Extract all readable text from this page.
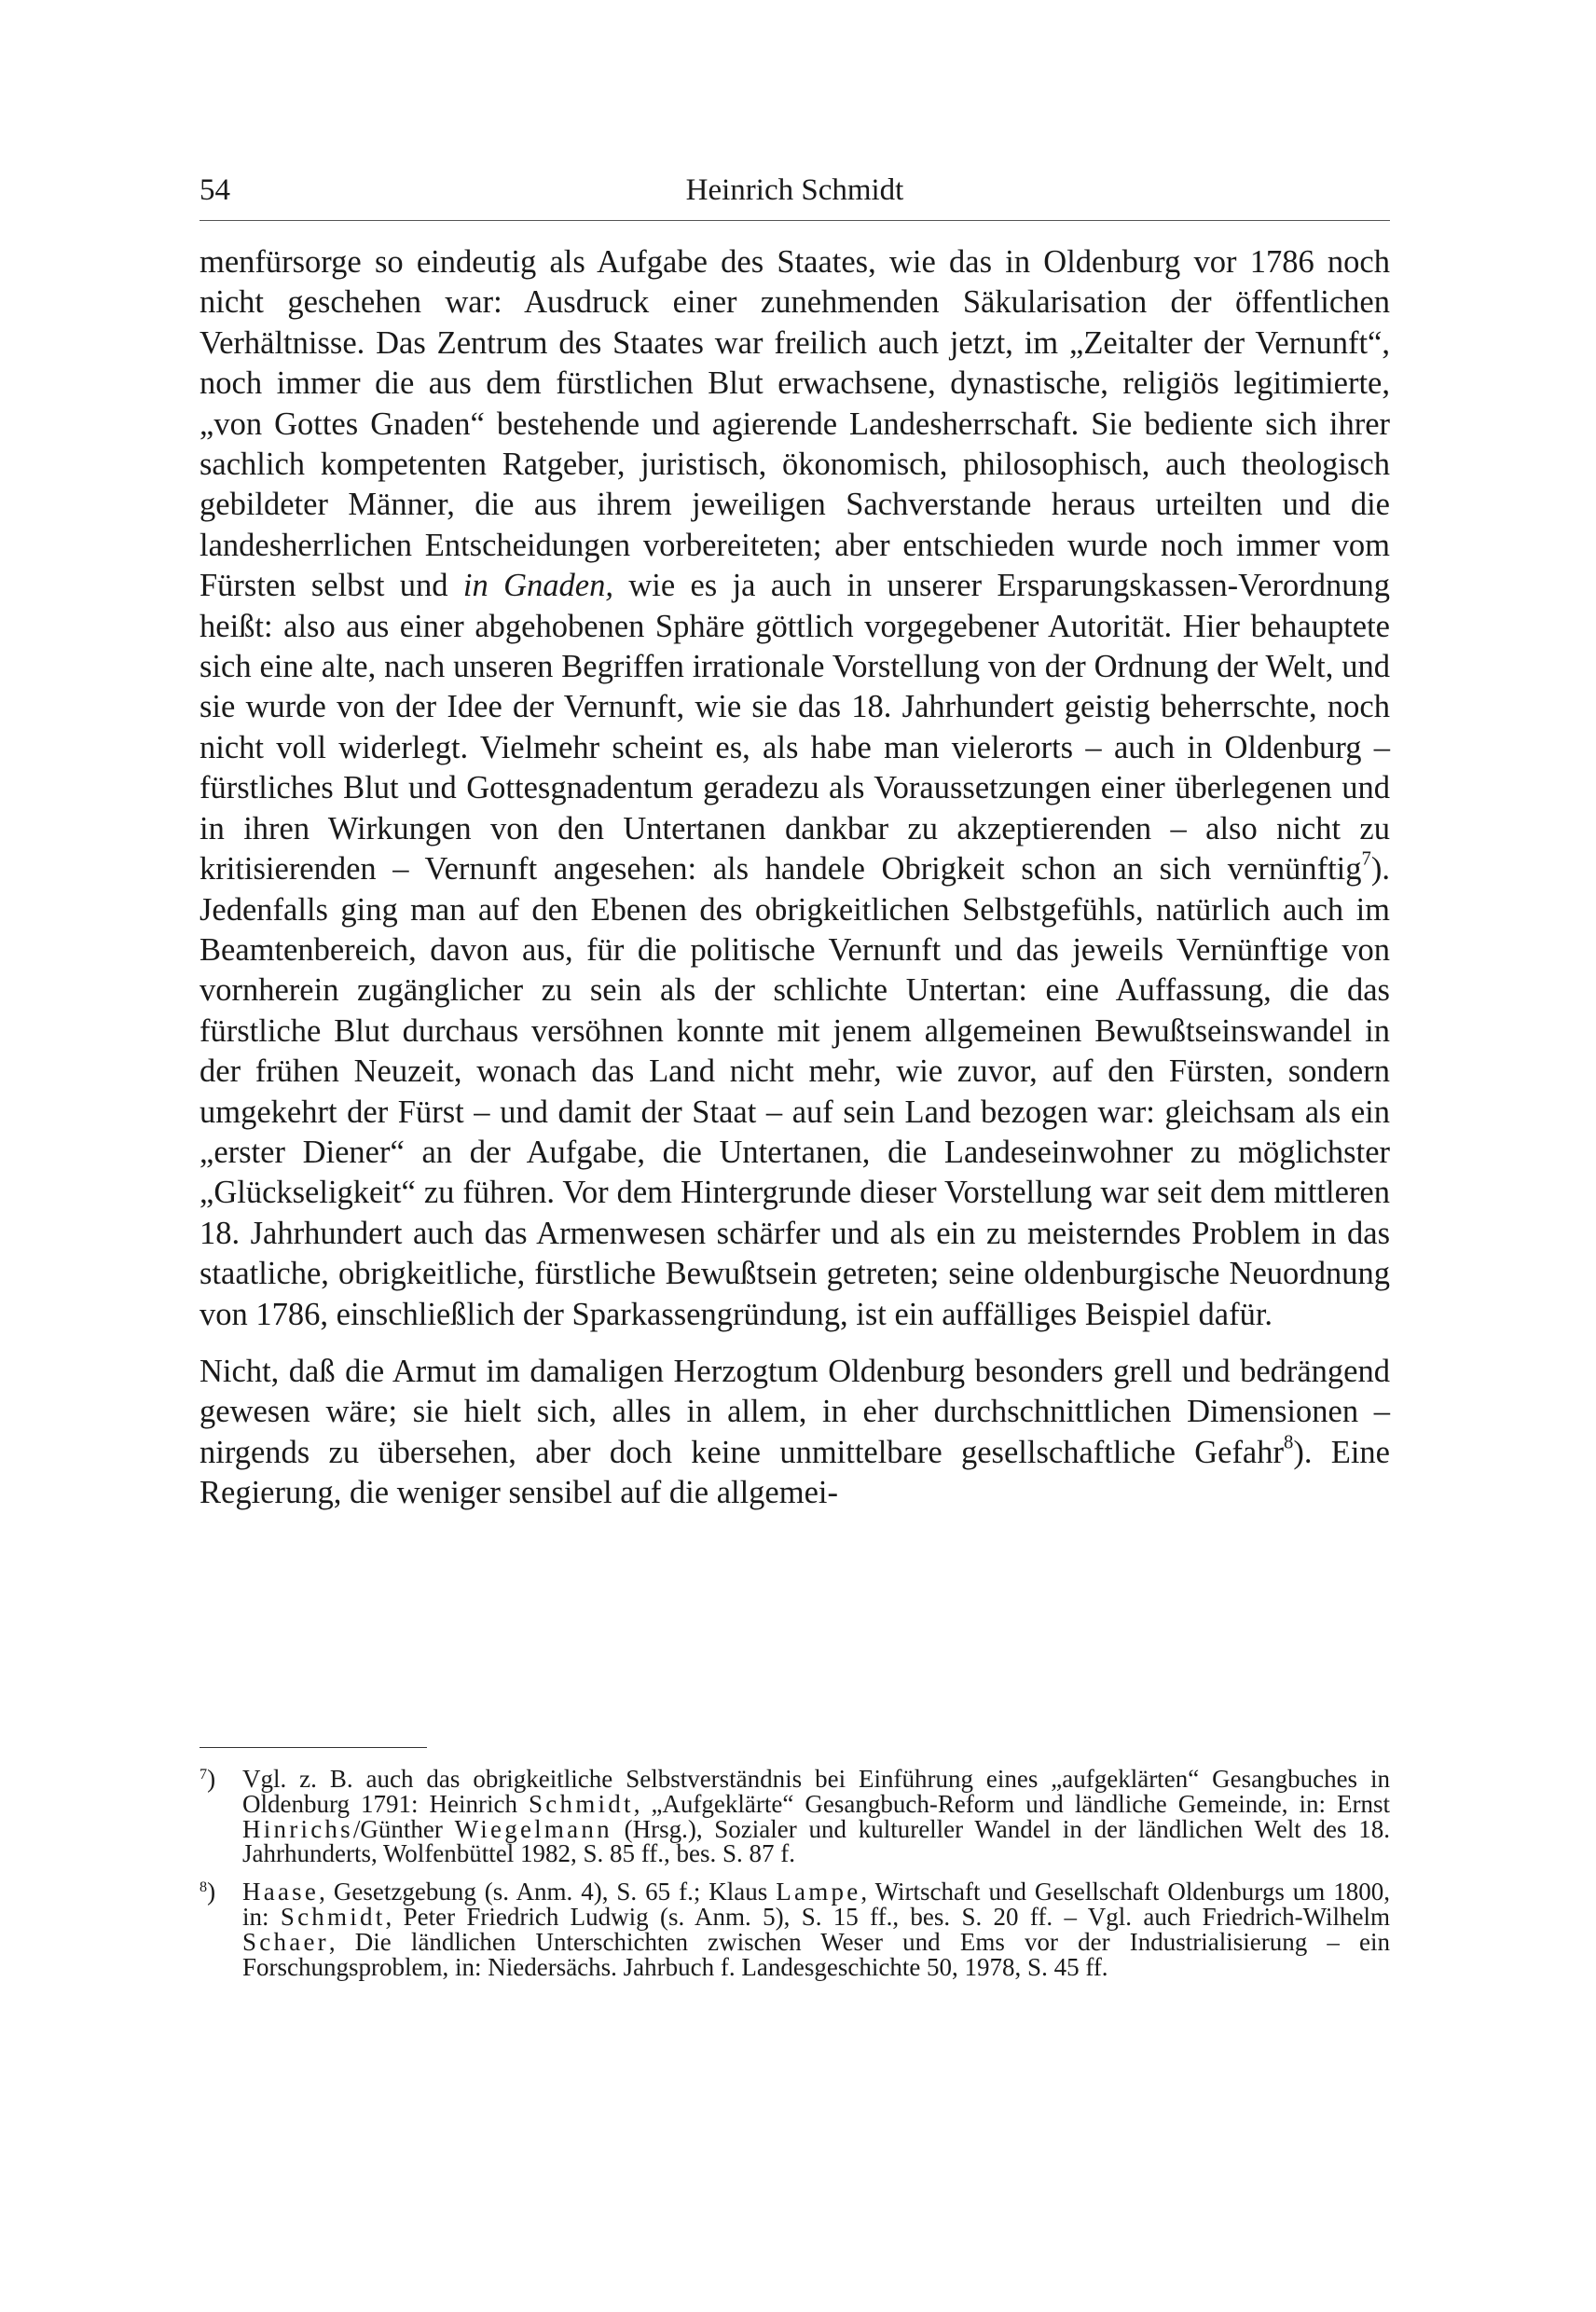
54	Heinrich Schmidt

menfürsorge so eindeutig als Aufgabe des Staates, wie das in Oldenburg vor 1786 noch nicht geschehen war: Ausdruck einer zunehmenden Säkularisation der öffentlichen Verhältnisse. Das Zentrum des Staates war freilich auch jetzt, im „Zeitalter der Vernunft“, noch immer die aus dem fürstlichen Blut erwachsene, dynastische, religiös legitimierte, „von Gottes Gnaden“ bestehende und agierende Landesherrschaft. Sie bediente sich ihrer sachlich kompetenten Ratgeber, juristisch, ökonomisch, philosophisch, auch theologisch gebildeter Männer, die aus ihrem jeweiligen Sachverstande heraus urteilten und die landesherrlichen Entscheidungen vorbereiteten; aber entschieden wurde noch immer vom Fürsten selbst und in Gnaden, wie es ja auch in unserer Ersparungskassen-Verordnung heißt: also aus einer abgehobenen Sphäre göttlich vorgegebener Autorität. Hier behauptete sich eine alte, nach unseren Begriffen irrationale Vorstellung von der Ordnung der Welt, und sie wurde von der Idee der Vernunft, wie sie das 18. Jahrhundert geistig beherrschte, noch nicht voll widerlegt. Vielmehr scheint es, als habe man vielerorts – auch in Oldenburg – fürstliches Blut und Gottesgnadentum geradezu als Voraussetzungen einer überlegenen und in ihren Wirkungen von den Untertanen dankbar zu akzeptierenden – also nicht zu kritisierenden – Vernunft angesehen: als handele Obrigkeit schon an sich vernünftig$^7$). Jedenfalls ging man auf den Ebenen des obrigkeitlichen Selbstgefühls, natürlich auch im Beamtenbereich, davon aus, für die politische Vernunft und das jeweils Vernünftige von vornherein zugänglicher zu sein als der schlichte Untertan: eine Auffassung, die das fürstliche Blut durchaus versöhnen konnte mit jenem allgemeinen Bewußtseinswandel in der frühen Neuzeit, wonach das Land nicht mehr, wie zuvor, auf den Fürsten, sondern umgekehrt der Fürst – und damit der Staat – auf sein Land bezogen war: gleichsam als ein „erster Diener“ an der Aufgabe, die Untertanen, die Landeseinwohner zu möglichster „Glückseligkeit“ zu führen. Vor dem Hintergrunde dieser Vorstellung war seit dem mittleren 18. Jahrhundert auch das Armenwesen schärfer und als ein zu meisterndes Problem in das staatliche, obrigkeitliche, fürstliche Bewußtsein getreten; seine oldenburgische Neuordnung von 1786, einschließlich der Sparkassengründung, ist ein auffälliges Beispiel dafür.

Nicht, daß die Armut im damaligen Herzogtum Oldenburg besonders grell und bedrängend gewesen wäre; sie hielt sich, alles in allem, in eher durchschnittlichen Dimensionen – nirgends zu übersehen, aber doch keine unmittelbare gesellschaftliche Gefahr$^8$). Eine Regierung, die weniger sensibel auf die allgemei-

$^7$) Vgl. z. B. auch das obrigkeitliche Selbstverständnis bei Einführung eines „aufgeklärten“ Gesangbuches in Oldenburg 1791: Heinrich Schmidt, „Aufgeklärte“ Gesangbuch-Reform und ländliche Gemeinde, in: Ernst Hinrichs/Günther Wiegelmann (Hrsg.), Sozialer und kultureller Wandel in der ländlichen Welt des 18. Jahrhunderts, Wolfenbüttel 1982, S. 85 ff., bes. S. 87 f.
$^8$) Haase, Gesetzgebung (s. Anm. 4), S. 65 f.; Klaus Lampe, Wirtschaft und Gesellschaft Oldenburgs um 1800, in: Schmidt, Peter Friedrich Ludwig (s. Anm. 5), S. 15 ff., bes. S. 20 ff. – Vgl. auch Friedrich-Wilhelm Schaer, Die ländlichen Unterschichten zwischen Weser und Ems vor der Industrialisierung – ein Forschungsproblem, in: Niedersächs. Jahrbuch f. Landesgeschichte 50, 1978, S. 45 ff.
